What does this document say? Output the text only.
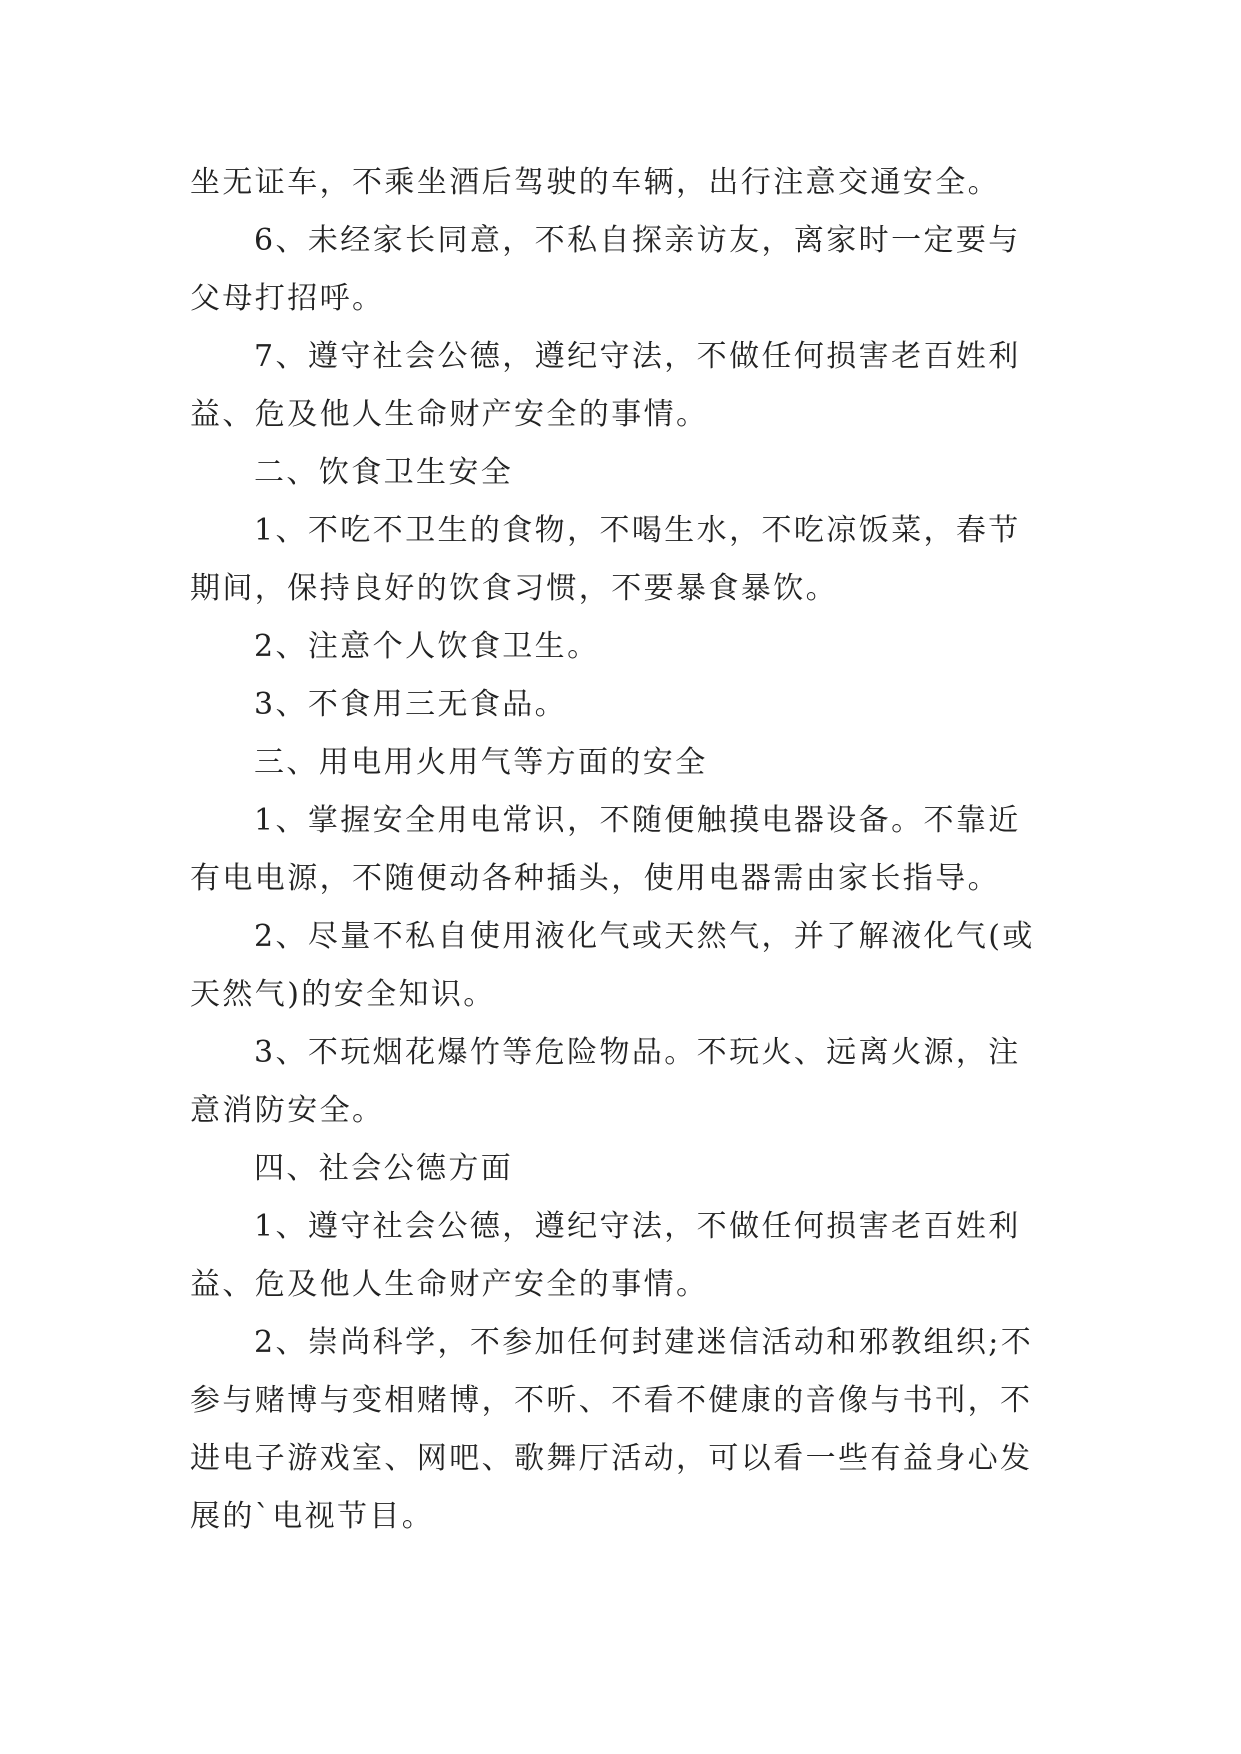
坐无证车，不乘坐酒后驾驶的车辆，出行注意交通安全。
6、未经家长同意，不私自探亲访友，离家时一定要与
父母打招呼。
7、遵守社会公德，遵纪守法，不做任何损害老百姓利
益、危及他人生命财产安全的事情。
二、饮食卫生安全
1、不吃不卫生的食物，不喝生水，不吃凉饭菜，春节
期间，保持良好的饮食习惯，不要暴食暴饮。
2、注意个人饮食卫生。
3、不食用三无食品。
三、用电用火用气等方面的安全
1、掌握安全用电常识，不随便触摸电器设备。不靠近
有电电源，不随便动各种插头，使用电器需由家长指导。
2、尽量不私自使用液化气或天然气，并了解液化气(或
天然气)的安全知识。
3、不玩烟花爆竹等危险物品。不玩火、远离火源，注
意消防安全。
四、社会公德方面
1、遵守社会公德，遵纪守法，不做任何损害老百姓利
益、危及他人生命财产安全的事情。
2、崇尚科学，不参加任何封建迷信活动和邪教组织;不
参与赌博与变相赌博，不听、不看不健康的音像与书刊，不
进电子游戏室、网吧、歌舞厅活动，可以看一些有益身心发
展的`电视节目。
